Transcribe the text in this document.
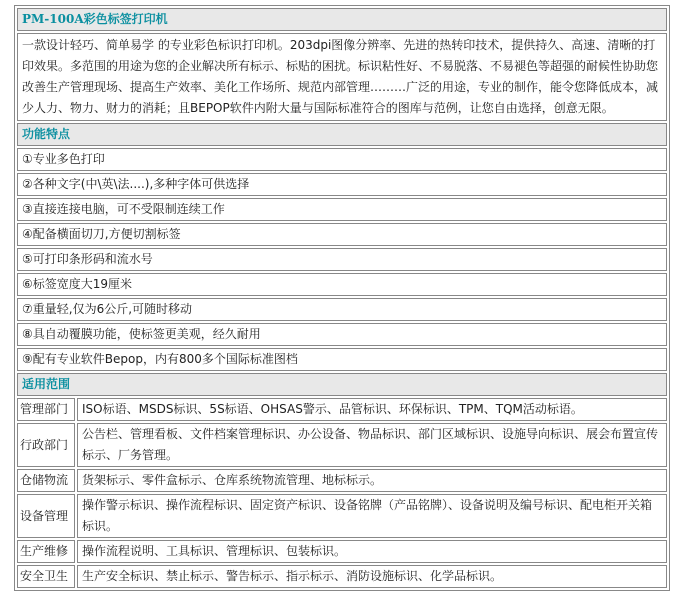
PM-100A彩色标签打印机	
一款设计轻巧、简单易学 的专业彩色标识打印机。203dpi图像分辨率、先进的热转印技术，提供持久、高速、清晰的打印效果。多范围的用途为您的企业解决所有标示、标贴的困扰。标识粘性好、不易脱落、不易褪色等超强的耐候性协助您改善生产管理现场、提高生产效率、美化工作场所、规范内部管理………广泛的用途，专业的制作，能令您降低成本，减少人力、物力、财力的消耗；且BEPOP软件内附大量与国际标准符合的图库与范例，让您自由选择，创意无限。	
功能特点	
①专业多色打印	
②各种文字(中\英\法....),多种字体可供选择	
③直接连接电脑，可不受限制连续工作	
④配备横面切刀,方便切割标签	
⑤可打印条形码和流水号	
⑥标签宽度大19厘米	
⑦重量轻,仅为6公斤,可随时移动	
⑧具自动覆膜功能，使标签更美观，经久耐用	
⑨配有专业软件Bepop，内有800多个国际标准图档	
适用范围	
管理部门	ISO标语、MSDS标识、5S标语、OHSAS警示、品管标识、环保标识、TPM、TQM活动标语。
行政部门	公告栏、管理看板、文件档案管理标识、办公设备、物品标识、部门区域标识、设施导向标识、展会布置宣传标示、厂务管理。
仓储物流	货架标示、零件盒标示、仓库系统物流管理、地标标示。
设备管理	操作警示标识、操作流程标识、固定资产标识、设备铭牌（产品铭牌）、设备说明及编号标识、配电柜开关箱标识。
生产维修	操作流程说明、工具标识、管理标识、包装标识。
安全卫生	生产安全标识、禁止标示、警告标示、指示标示、消防设施标识、化学品标识。
